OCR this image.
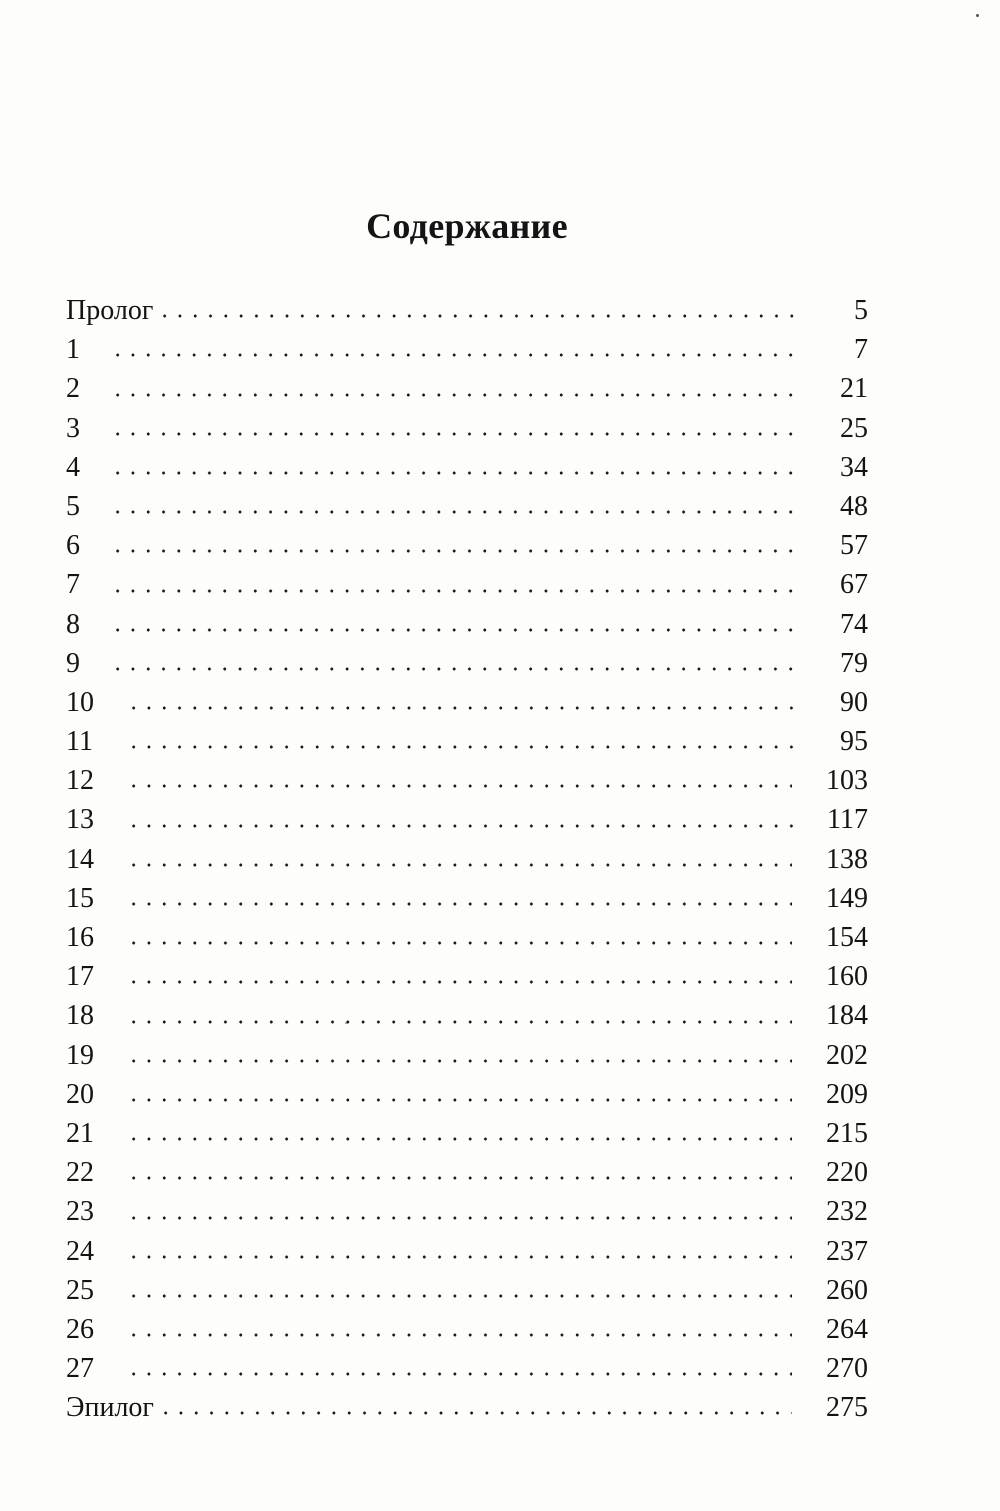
Содержание
Пролог	5
1	7
2	21
3	25
4	34
5	48
6	57
7	67
8	74
9	79
10	90
11	95
12	103
13	117
14	138
15	149
16	154
17	160
18	184
19	202
20	209
21	215
22	220
23	232
24	237
25	260
26	264
27	270
Эпилог	275
